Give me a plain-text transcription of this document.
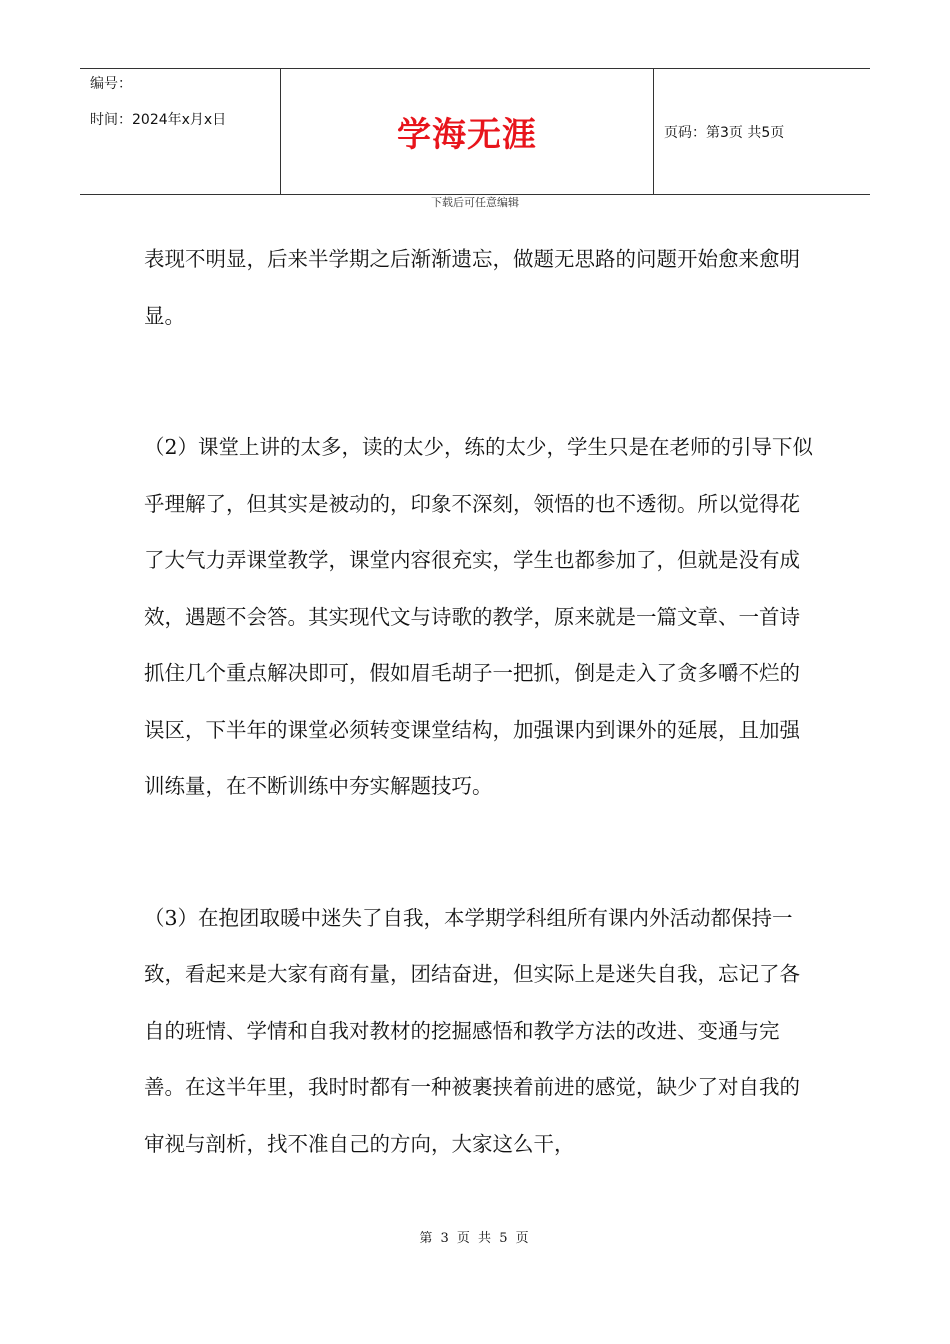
编号：
时间：2024年x月x日	学海无涯	页码：第3页 共5页
下载后可任意编辑

表现不明显，后来半学期之后渐渐遗忘，做题无思路的问题开始愈来愈明显。

（2）课堂上讲的太多，读的太少，练的太少，学生只是在老师的引导下似乎理解了，但其实是被动的，印象不深刻，领悟的也不透彻。所以觉得花了大气力弄课堂教学，课堂内容很充实，学生也都参加了，但就是没有成效，遇题不会答。其实现代文与诗歌的教学，原来就是一篇文章、一首诗抓住几个重点解决即可，假如眉毛胡子一把抓，倒是走入了贪多嚼不烂的误区，下半年的课堂必须转变课堂结构，加强课内到课外的延展，且加强训练量，在不断训练中夯实解题技巧。

（3）在抱团取暖中迷失了自我，本学期学科组所有课内外活动都保持一致，看起来是大家有商有量，团结奋进，但实际上是迷失自我，忘记了各自的班情、学情和自我对教材的挖掘感悟和教学方法的改进、变通与完善。在这半年里，我时时都有一种被裹挟着前进的感觉，缺少了对自我的审视与剖析，找不准自己的方向，大家这么干，

第 3 页 共 5 页
